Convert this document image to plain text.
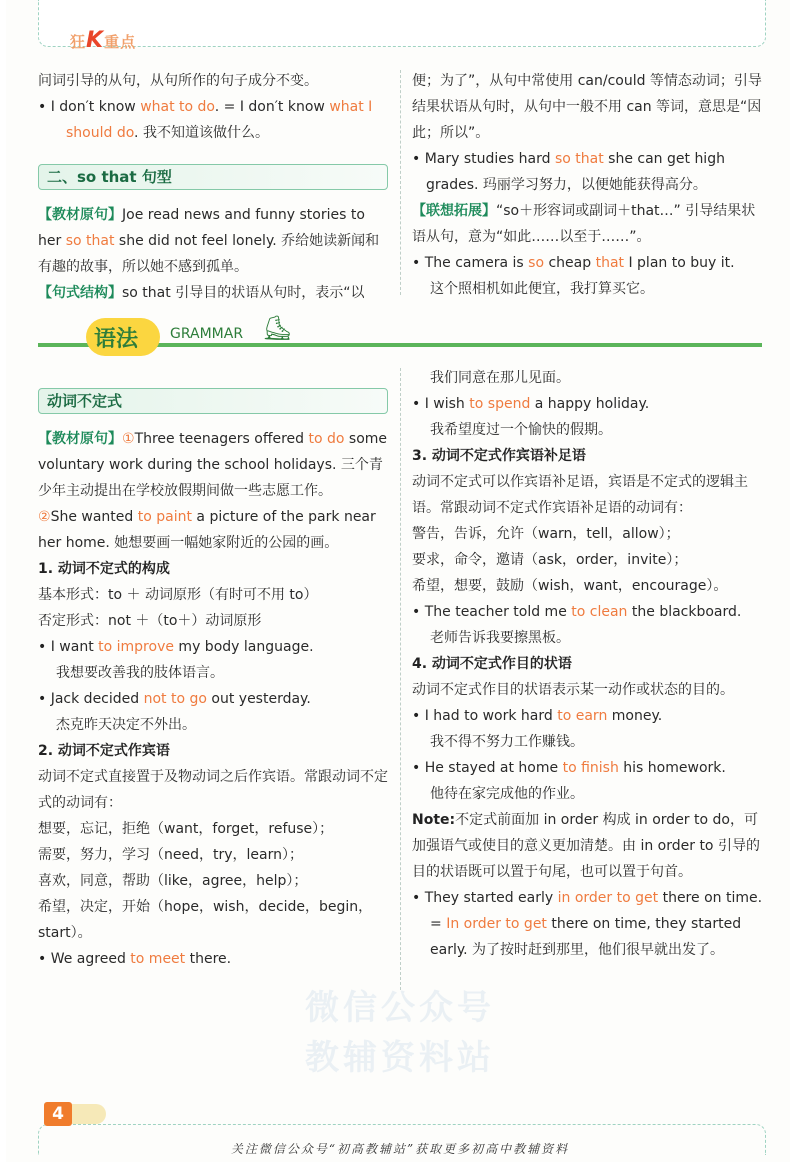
狂K重点

问词引导的从句，从句所作的句子成分不变。

• I don′t know what to do. = I don′t know what I
should do. 我不知道该做什么。

二、so that 句型

【教材原句】Joe read news and funny stories to her so that she did not feel lonely. 乔给她读新闻和有趣的故事，所以她不感到孤单。

【句式结构】so that 引导目的状语从句时，表示“以

便；为了”，从句中常使用 can/could 等情态动词；引导结果状语从句时，从句中一般不用 can 等词，意思是“因此；所以”。

• Mary studies hard so that she can get high grades. 玛丽学习努力，以便她能获得高分。

【联想拓展】“so＋形容词或副词＋that…” 引导结果状语从句，意为“如此……以至于……”。

• The camera is so cheap that I plan to buy it.

这个照相机如此便宜，我打算买它。

语法 GRAMMAR ⛸
动词不定式

【教材原句】①Three teenagers offered to do some voluntary work during the school holidays. 三个青少年主动提出在学校放假期间做一些志愿工作。

②She wanted to paint a picture of the park near her home. 她想要画一幅她家附近的公园的画。

1. 动词不定式的构成

基本形式：to ＋ 动词原形（有时可不用 to）

否定形式：not ＋（to＋）动词原形

• I want to improve my body language.

我想要改善我的肢体语言。

• Jack decided not to go out yesterday.

杰克昨天决定不外出。

2. 动词不定式作宾语

动词不定式直接置于及物动词之后作宾语。常跟动词不定式的动词有：

想要，忘记，拒绝（want，forget，refuse）；

需要，努力，学习（need，try，learn）；

喜欢，同意，帮助（like，agree，help）；

希望，决定，开始（hope，wish，decide，begin，start）。

• We agreed to meet there.

我们同意在那儿见面。

• I wish to spend a happy holiday.

我希望度过一个愉快的假期。

3. 动词不定式作宾语补足语

动词不定式可以作宾语补足语，宾语是不定式的逻辑主语。常跟动词不定式作宾语补足语的动词有：

警告，告诉，允许（warn，tell，allow）；

要求，命令，邀请（ask，order，invite）；

希望，想要，鼓励（wish，want，encourage）。

• The teacher told me to clean the blackboard.

老师告诉我要擦黑板。

4. 动词不定式作目的状语

动词不定式作目的状语表示某一动作或状态的目的。

• I had to work hard to earn money.

我不得不努力工作赚钱。

• He stayed at home to finish his homework.

他待在家完成他的作业。

Note:不定式前面加 in order 构成 in order to do，可加强语气或使目的意义更加清楚。由 in order to 引导的目的状语既可以置于句尾，也可以置于句首。

• They started early in order to get there on time.

= In order to get there on time, they started early. 为了按时赶到那里，他们很早就出发了。

微信公众号
教辅资料站
4
关注微信公众号“初高教辅站”获取更多初高中教辅资料
